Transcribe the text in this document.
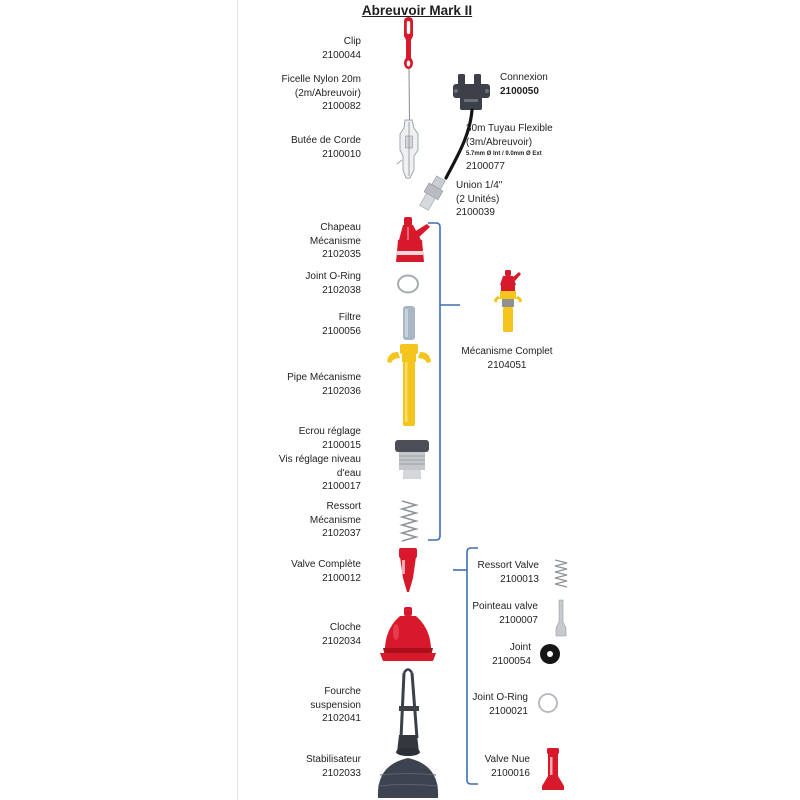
Abreuvoir Mark II
Clip
2100044
Ficelle Nylon 20m
(2m/Abreuvoir)
2100082
Butée de Corde
2100010
Chapeau
Mécanisme
2102035
Joint O-Ring
2102038
Filtre
2100056
Pipe Mécanisme
2102036
Ecrou réglage
2100015
Vis réglage niveau
d'eau
2100017
Ressort
Mécanisme
2102037
Valve Complète
2100012
Cloche
2102034
Fourche
suspension
2102041
Stabilisateur
2102033
Connexion
2100050
30m Tuyau Flexible
(3m/Abreuvoir)
5.7mm Ø Int / 9.0mm Ø Ext
2100077
Union 1/4"
(2 Unités)
2100039
Mécanisme Complet
2104051
Ressort Valve
2100013
Pointeau valve
2100007
Joint
2100054
Joint O-Ring
2100021
Valve Nue
2100016
